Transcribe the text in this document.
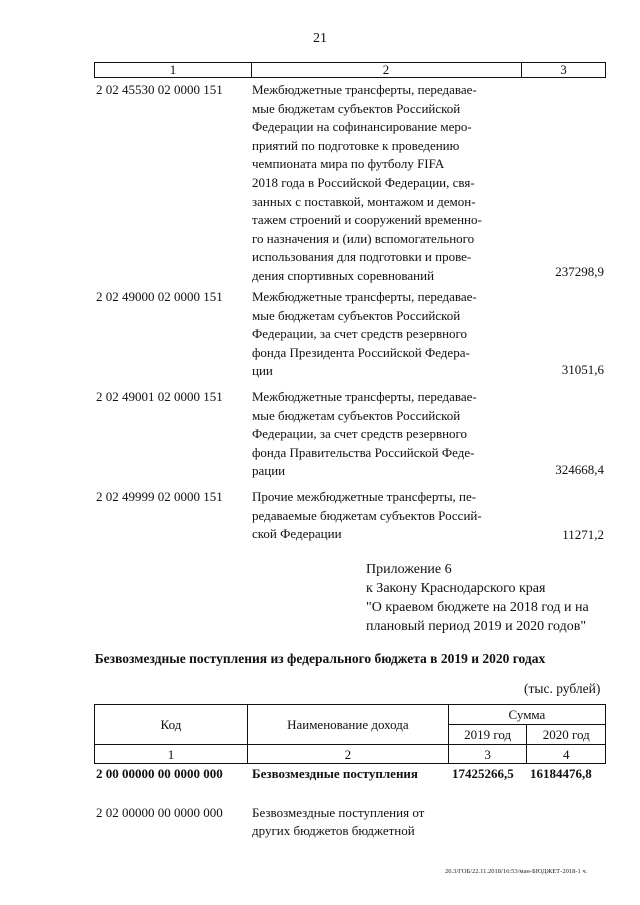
21
1	2	3
2 02 45530 02 0000 151 Межбюджетные трансферты, передавае-
мые бюджетам субъектов Российской
Федерации на софинансирование меро-
приятий по подготовке к проведению
чемпионата мира по футболу FIFA
2018 года в Российской Федерации, свя-
занных с поставкой, монтажом и демон-
тажем строений и сооружений временно-
го назначения и (или) вспомогательного
использования для подготовки и прове-
дения спортивных соревнований	237298,9
2 02 49000 02 0000 151 Межбюджетные трансферты, передавае-
мые бюджетам субъектов Российской
Федерации, за счет средств резервного
фонда Президента Российской Федера-
ции	31051,6
2 02 49001 02 0000 151 Межбюджетные трансферты, передавае-
мые бюджетам субъектов Российской
Федерации, за счет средств резервного
фонда Правительства Российской Феде-
рации	324668,4
2 02 49999 02 0000 151 Прочие межбюджетные трансферты, пе-
редаваемые бюджетам субъектов Россий-
ской Федерации	11271,2
Приложение 6
к Закону Краснодарского края
"О краевом бюджете на 2018 год и на
плановый период 2019 и 2020 годов"
Безвозмездные поступления из федерального бюджета в 2019 и 2020 годах
(тыс. рублей)
Код	Наименование дохода	Сумма	
		2019 год	2020 год
1	2	3	4
2 00 00000 00 0000 000 Безвозмездные поступления	17425266,5 16184476,8
2 02 00000 00 0000 000 Безвозмездные поступления от
других бюджетов бюджетной
20.3/ГОБ/22.11.2018/16:53/ман-БЮДЖЕТ-2018-1 ч.
